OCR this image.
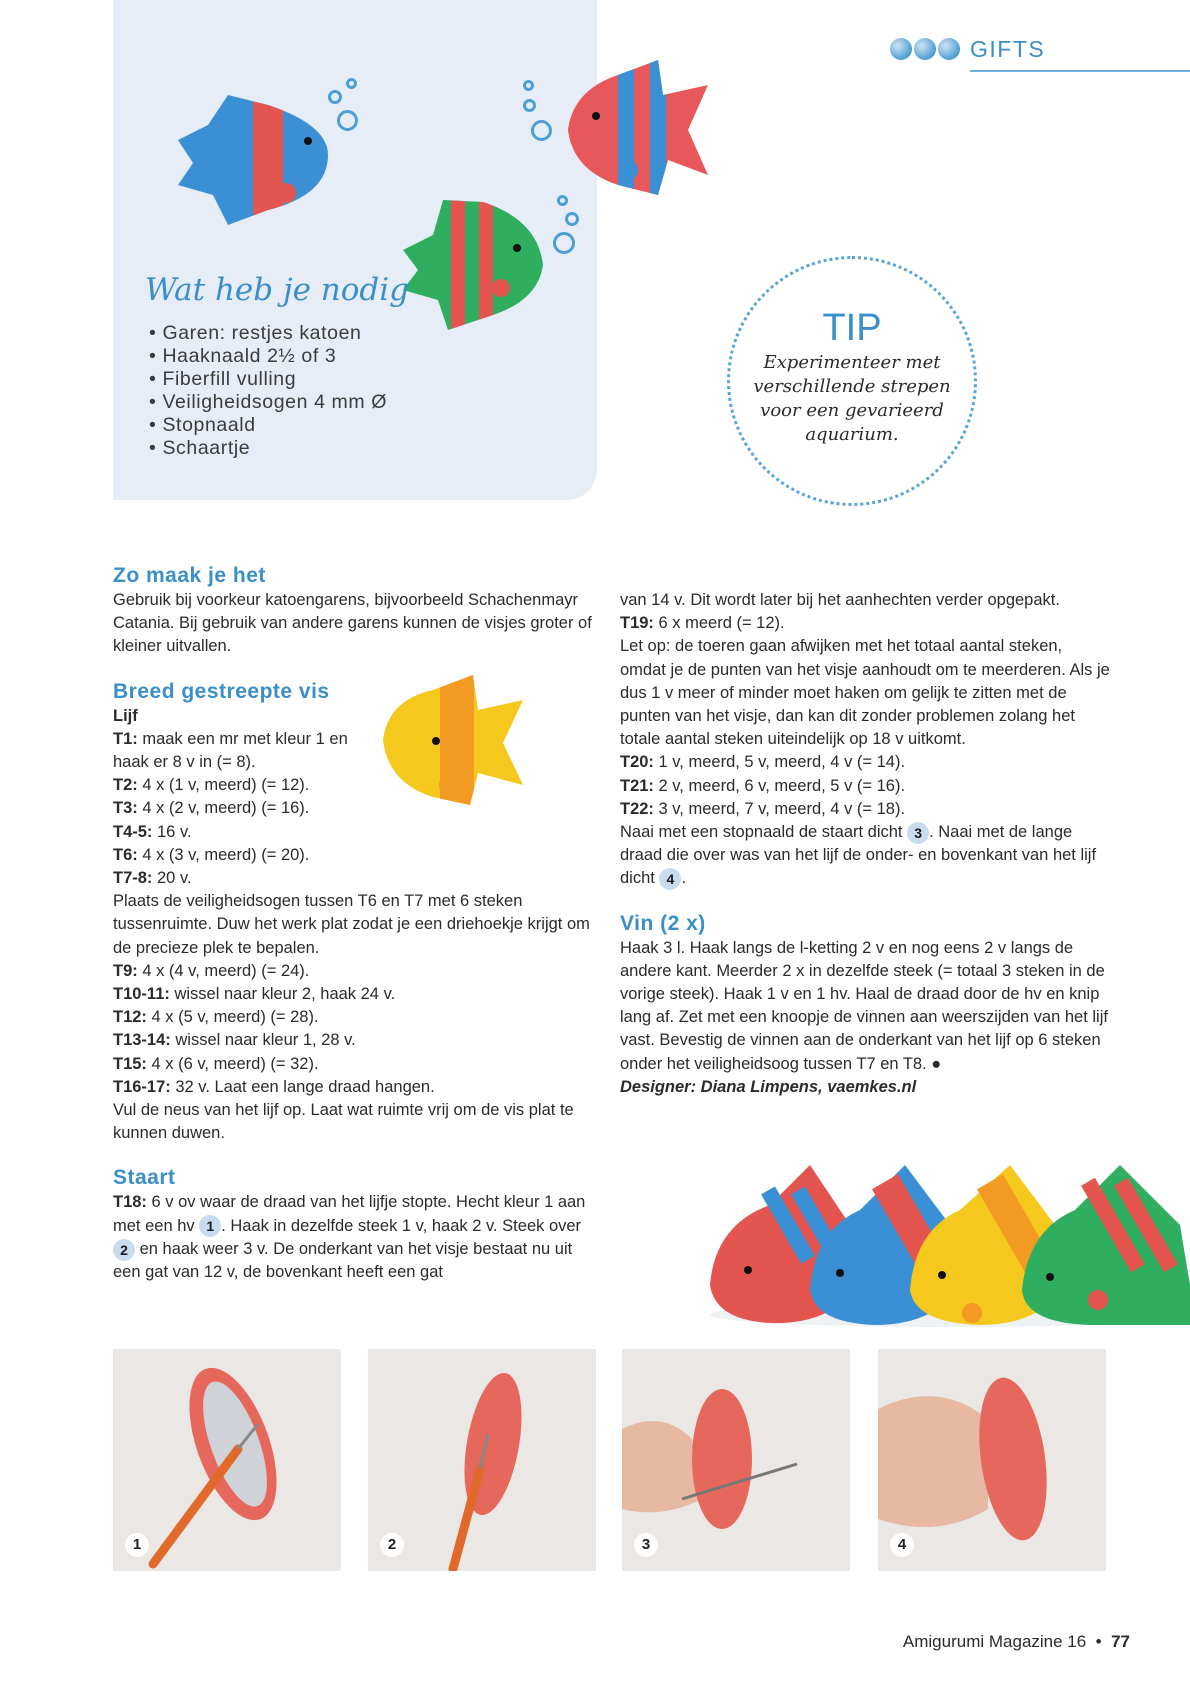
GIFTS
Wat heb je nodig
• Garen: restjes katoen
• Haaknaald 2½ of 3
• Fiberfill vulling
• Veiligheidsogen 4 mm Ø
• Stopnaald
• Schaartje
TIP
Experimenteer met verschillende strepen voor een gevarieerd aquarium.

Zo maak je het

Gebruik bij voorkeur katoengarens, bijvoorbeeld Schachenmayr Catania. Bij gebruik van andere garens kunnen de visjes groter of kleiner uitvallen.

Breed gestreepte vis

Lijf

T1: maak een mr met kleur 1 en haak er 8 v in (= 8).

T2: 4 x (1 v, meerd) (= 12).

T3: 4 x (2 v, meerd) (= 16).

T4-5: 16 v.

T6: 4 x (3 v, meerd) (= 20).

T7-8: 20 v.

Plaats de veiligheidsogen tussen T6 en T7 met 6 steken tussenruimte. Duw het werk plat zodat je een driehoekje krijgt om de precieze plek te bepalen.

T9: 4 x (4 v, meerd) (= 24).

T10-11: wissel naar kleur 2, haak 24 v.

T12: 4 x (5 v, meerd) (= 28).

T13-14: wissel naar kleur 1, 28 v.

T15: 4 x (6 v, meerd) (= 32).

T16-17: 32 v. Laat een lange draad hangen.

Vul de neus van het lijf op. Laat wat ruimte vrij om de vis plat te kunnen duwen.

Staart

T18: 6 v ov waar de draad van het lijfje stopte. Hecht kleur 1 aan met een hv 1 . Haak in dezelfde steek 1 v, haak 2 v. Steek over 2 en haak weer 3 v. De onderkant van het visje bestaat nu uit een gat van 12 v, de bovenkant heeft een gat

van 14 v. Dit wordt later bij het aanhechten verder opgepakt.

T19: 6 x meerd (= 12).

Let op: de toeren gaan afwijken met het totaal aantal steken, omdat je de punten van het visje aanhoudt om te meerderen. Als je dus 1 v meer of minder moet haken om gelijk te zitten met de punten van het visje, dan kan dit zonder problemen zolang het totale aantal steken uiteindelijk op 18 v uitkomt.

T20: 1 v, meerd, 5 v, meerd, 4 v (= 14).

T21: 2 v, meerd, 6 v, meerd, 5 v (= 16).

T22: 3 v, meerd, 7 v, meerd, 4 v (= 18).

Naai met een stopnaald de staart dicht 3 . Naai met de lange draad die over was van het lijf de onder- en bovenkant van het lijf dicht 4 .

Vin (2 x)

Haak 3 l. Haak langs de l-ketting 2 v en nog eens 2 v langs de andere kant. Meerder 2 x in dezelfde steek (= totaal 3 steken in de vorige steek). Haak 1 v en 1 hv. Haal de draad door de hv en knip lang af. Zet met een knoopje de vinnen aan weerszijden van het lijf vast. Bevestig de vinnen aan de onderkant van het lijf op 6 steken onder het veiligheidsoog tussen T7 en T8. ●

Designer: Diana Limpens, vaemkes.nl

1	2	3	4
Amigurumi Magazine 16 • 77
